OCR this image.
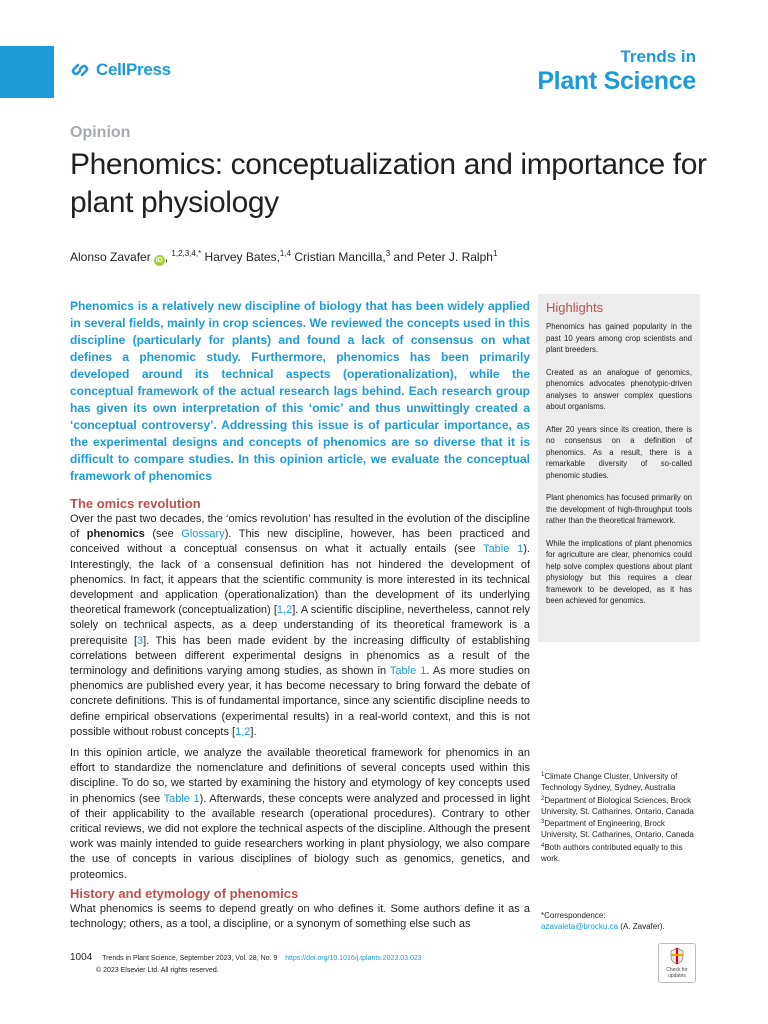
CellPress
Trends in
Plant Science
Opinion
Phenomics: conceptualization and importance for plant physiology
Alonso Zavafer iD , $^{1,2,3,4,*}$ Harvey Bates,$^{1,4}$ Cristian Mancilla,$^3$ and Peter J. Ralph$^1$

Phenomics is a relatively new discipline of biology that has been widely applied in several fields, mainly in crop sciences. We reviewed the concepts used in this discipline (particularly for plants) and found a lack of consensus on what defines a phenomic study. Furthermore, phenomics has been primarily developed around its technical aspects (operationalization), while the conceptual framework of the actual research lags behind. Each research group has given its own interpretation of this ‘omic’ and thus unwittingly created a ‘conceptual controversy’. Addressing this issue is of particular importance, as the experimental designs and concepts of phenomics are so diverse that it is difficult to compare studies. In this opinion article, we evaluate the conceptual framework of phenomics

Highlights

Phenomics has gained popularity in the past 10 years among crop scientists and plant breeders.

Created as an analogue of genomics, phenomics advocates phenotypic-driven analyses to answer complex questions about organisms.

After 20 years since its creation, there is no consensus on a definition of phenomics. As a result, there is a remarkable diversity of so-called phenomic studies.

Plant phenomics has focused primarily on the development of high-throughput tools rather than the theoretical framework.

While the implications of plant phenomics for agriculture are clear, phenomics could help solve complex questions about plant physiology but this requires a clear framework to be developed, as it has been achieved for genomics.

The omics revolution

Over the past two decades, the ‘omics revolution’ has resulted in the evolution of the discipline of phenomics (see Glossary). This new discipline, however, has been practiced and conceived without a conceptual consensus on what it actually entails (see Table 1). Interestingly, the lack of a consensual definition has not hindered the development of phenomics. In fact, it appears that the scientific community is more interested in its technical development and application (operationalization) than the development of its underlying theoretical framework (conceptualization) [1,2]. A scientific discipline, nevertheless, cannot rely solely on technical aspects, as a deep understanding of its theoretical framework is a prerequisite [3]. This has been made evident by the increasing difficulty of establishing correlations between different experimental designs in phenomics as a result of the terminology and definitions varying among studies, as shown in Table 1. As more studies on phenomics are published every year, it has become necessary to bring forward the debate of concrete definitions. This is of fundamental importance, since any scientific discipline needs to define empirical observations (experimental results) in a real-world context, and this is not possible without robust concepts [1,2].

In this opinion article, we analyze the available theoretical framework for phenomics in an effort to standardize the nomenclature and definitions of several concepts used within this discipline. To do so, we started by examining the history and etymology of key concepts used in phenomics (see Table 1). Afterwards, these concepts were analyzed and processed in light of their applicability to the available research (operational procedures). Contrary to other critical reviews, we did not explore the technical aspects of the discipline. Although the present work was mainly intended to guide researchers working in plant physiology, we also compare the use of concepts in various disciplines of biology such as genomics, genetics, and proteomics.

History and etymology of phenomics

What phenomics is seems to depend greatly on who defines it. Some authors define it as a technology; others, as a tool, a discipline, or a synonym of something else such as

$^1$Climate Change Cluster, University of Technology Sydney, Sydney, Australia
$^2$Department of Biological Sciences, Brock University, St. Catharines, Ontario, Canada
$^3$Department of Engineering, Brock University, St. Catharines, Ontario, Canada
$^4$Both authors contributed equally to this work.
*Correspondence:
azavaleta@brocku.ca (A. Zavafer).
1004 Trends in Plant Science, September 2023, Vol. 28, No. 9 https://doi.org/10.1016/j.tplants.2023.03.023
© 2023 Elsevier Ltd. All rights reserved.	Check for
updates
